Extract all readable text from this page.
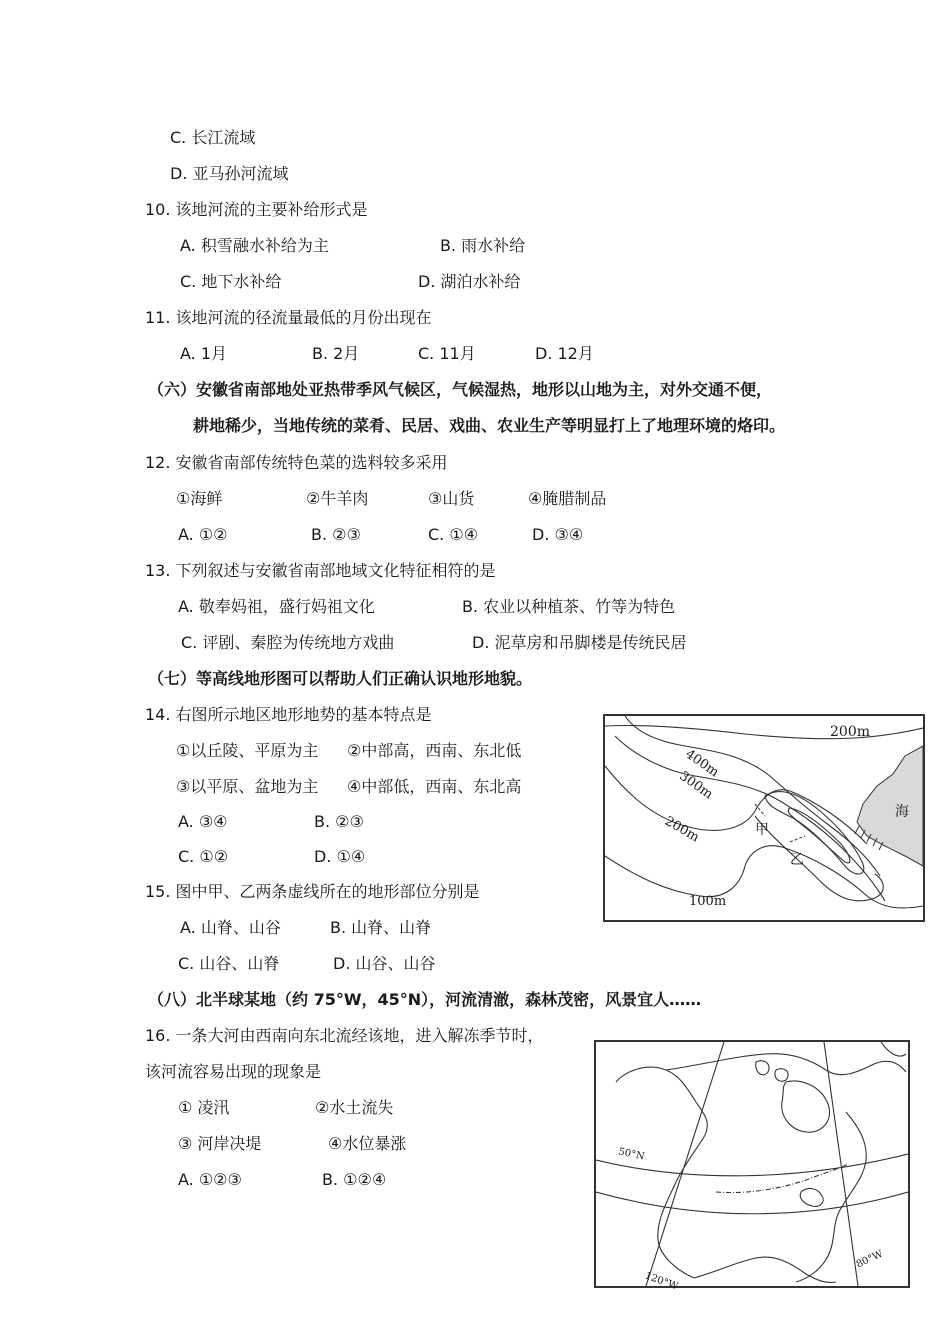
C. 长江流域
D. 亚马孙河流域
10. 该地河流的主要补给形式是
A. 积雪融水补给为主	B. 雨水补给
C. 地下水补给	D. 湖泊水补给
11. 该地河流的径流量最低的月份出现在
A. 1月	B. 2月	C. 11月	D. 12月
（六）安徽省南部地处亚热带季风气候区，气候湿热，地形以山地为主，对外交通不便，
耕地稀少，当地传统的菜肴、民居、戏曲、农业生产等明显打上了地理环境的烙印。
12. 安徽省南部传统特色菜的选料较多采用
①海鲜	②牛羊肉	③山货	④腌腊制品
A. ①②	B. ②③	C. ①④	D. ③④
13. 下列叙述与安徽省南部地域文化特征相符的是
A. 敬奉妈祖，盛行妈祖文化	B. 农业以种植茶、竹等为特色
C. 评剧、秦腔为传统地方戏曲	D. 泥草房和吊脚楼是传统民居
（七）等高线地形图可以帮助人们正确认识地形地貌。
14. 右图所示地区地形地势的基本特点是
①以丘陵、平原为主 ②中部高，西南、东北低
③以平原、盆地为主 ④中部低，西南、东北高
A. ③④	B. ②③
C. ①②	D. ①④
15. 图中甲、乙两条虚线所在的地形部位分别是
A. 山脊、山谷	B. 山脊、山脊
C. 山谷、山脊	D. 山谷、山谷
（八）北半球某地（约 75°W，45°N），河流清澈，森林茂密，风景宜人……
16. 一条大河由西南向东北流经该地，进入解冻季节时，
该河流容易出现的现象是
① 凌汛	②水土流失
③ 河岸决堤	④水位暴涨
A. ①②③	B. ①②④
200m
400m
300m
200m
100m
甲
乙
海
50°N
80°W
120°W
